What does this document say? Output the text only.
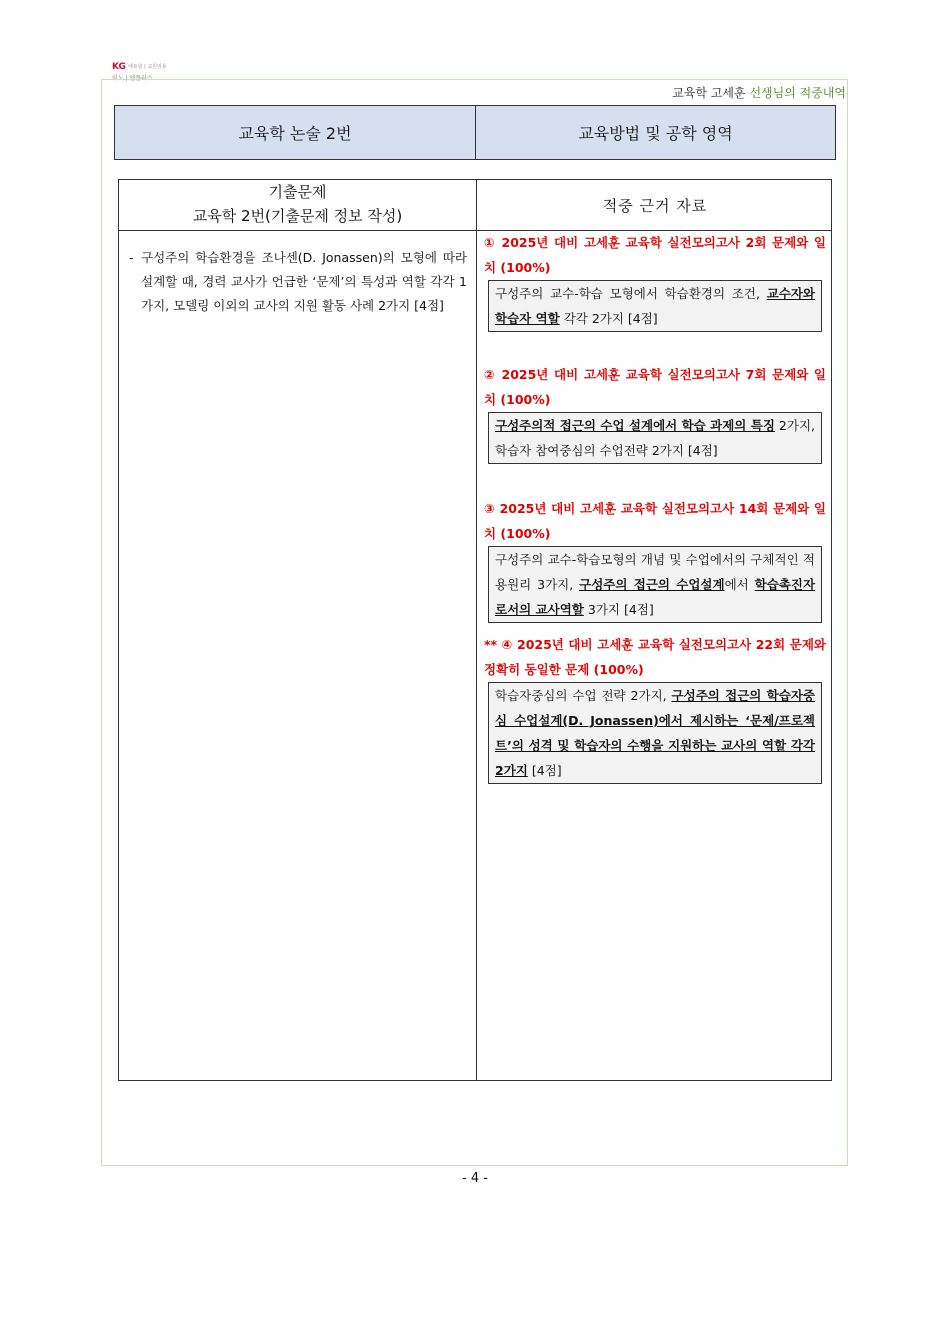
KG 에듀원 | 교원임용
이노 | 엠플러스
교육학 고세훈 선생님의 적중내역
교육학 논술 2번	교육방법 및 공학 영역
기출문제
교육학 2번(기출문제 정보 작성)
적중 근거 자료
- 구성주의 학습환경을 조나센(D. Jonassen)의 모형에 따라 설계할 때, 경력 교사가 언급한 ‘문제’의 특성과 역할 각각 1가지, 모델링 이외의 교사의 지원 활동 사례 2가지 [4점]
① 2025년 대비 고세훈 교육학 실전모의고사 2회 문제와 일치 (100%)
구성주의 교수-학습 모형에서 학습환경의 조건, 교수자와 학습자 역할 각각 2가지 [4점]
② 2025년 대비 고세훈 교육학 실전모의고사 7회 문제와 일치 (100%)
구성주의적 접근의 수업 설계에서 학습 과제의 특징 2가지, 학습자 참여중심의 수업전략 2가지 [4점]
③ 2025년 대비 고세훈 교육학 실전모의고사 14회 문제와 일치 (100%)
구성주의 교수-학습모형의 개념 및 수업에서의 구체적인 적용원리 3가지, 구성주의 접근의 수업설계에서 학습촉진자로서의 교사역할 3가지 [4점]
** ④ 2025년 대비 고세훈 교육학 실전모의고사 22회 문제와 정확히 동일한 문제 (100%)
학습자중심의 수업 전략 2가지, 구성주의 접근의 학습자중심 수업설계(D. Jonassen)에서 제시하는 ‘문제/프로젝트’의 성격 및 학습자의 수행을 지원하는 교사의 역할 각각 2가지 [4점]
- 4 -
